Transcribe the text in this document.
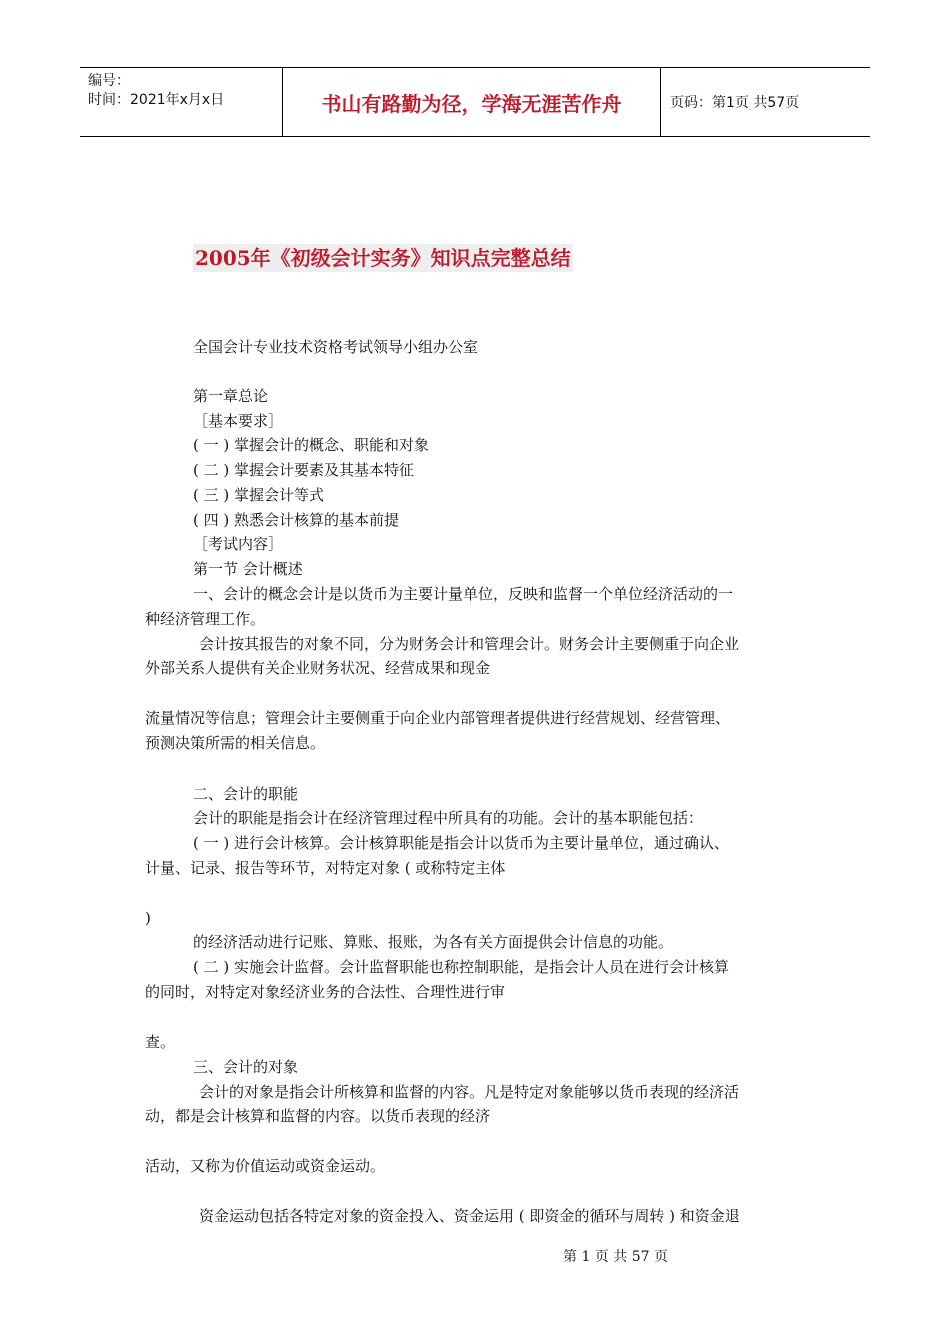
编号：
时间：2021年x月x日	书山有路勤为径，学海无涯苦作舟	页码：第1页 共57页
2005年《初级会计实务》知识点完整总结
全国会计专业技术资格考试领导小组办公室
第一章总论
［基本要求］
( 一 ) 掌握会计的概念、职能和对象
( 二 ) 掌握会计要素及其基本特征
( 三 ) 掌握会计等式
( 四 ) 熟悉会计核算的基本前提
［考试内容］
第一节 会计概述
一、会计的概念会计是以货币为主要计量单位，反映和监督一个单位经济活动的一
种经济管理工作。
会计按其报告的对象不同，分为财务会计和管理会计。财务会计主要侧重于向企业
外部关系人提供有关企业财务状况、经营成果和现金
流量情况等信息；管理会计主要侧重于向企业内部管理者提供进行经营规划、经营管理、
预测决策所需的相关信息。
二、会计的职能
会计的职能是指会计在经济管理过程中所具有的功能。会计的基本职能包括：
( 一 ) 进行会计核算。会计核算职能是指会计以货币为主要计量单位，通过确认、
计量、记录、报告等环节，对特定对象 ( 或称特定主体
)
的经济活动进行记账、算账、报账，为各有关方面提供会计信息的功能。
( 二 ) 实施会计监督。会计监督职能也称控制职能，是指会计人员在进行会计核算
的同时，对特定对象经济业务的合法性、合理性进行审
查。
三、会计的对象
会计的对象是指会计所核算和监督的内容。凡是特定对象能够以货币表现的经济活
动，都是会计核算和监督的内容。以货币表现的经济
活动，又称为价值运动或资金运动。
资金运动包括各特定对象的资金投入、资金运用 ( 即资金的循环与周转 ) 和资金退
第 1 页 共 57 页
